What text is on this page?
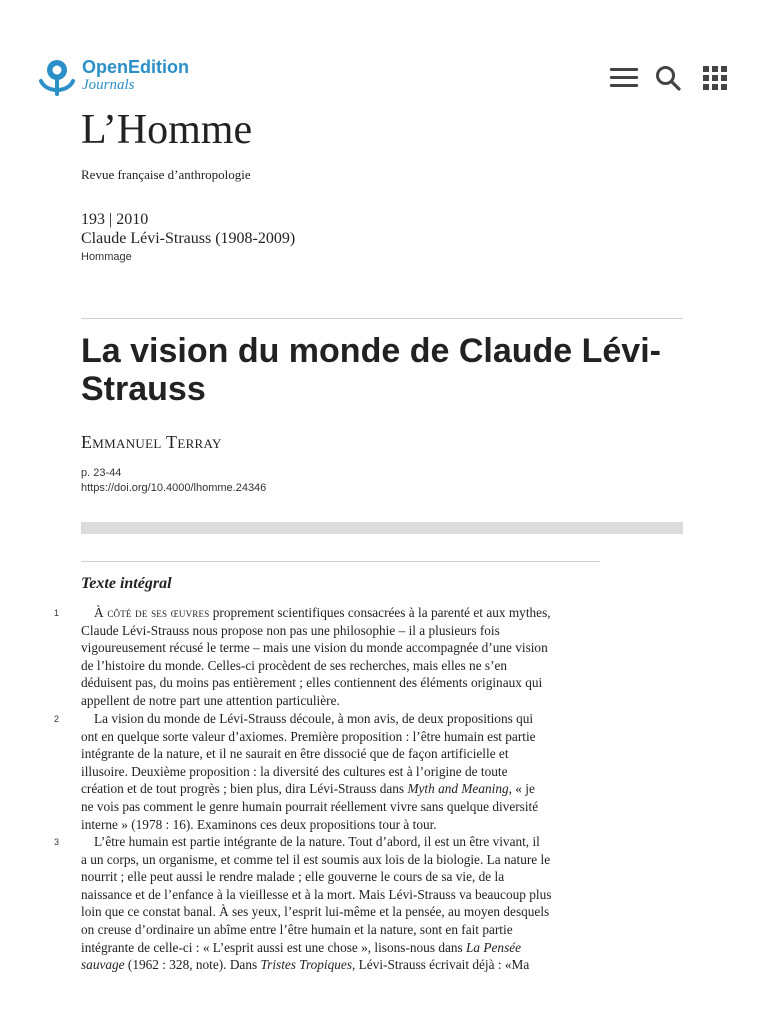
OpenEdition
Journals
L’Homme
Revue française d’anthropologie
193 | 2010
Claude Lévi-Strauss (1908-2009)
Hommage
La vision du monde de Claude Lévi-Strauss
Emmanuel Terray
p. 23-44
https://doi.org/10.4000/lhomme.24346
Texte intégral
1	À côté de ses œuvres proprement scientifiques consacrées à la parenté et aux mythes,
Claude Lévi-Strauss nous propose non pas une philosophie – il a plusieurs fois
vigoureusement récusé le terme – mais une vision du monde accompagnée d’une vision
de l’histoire du monde. Celles-ci procèdent de ses recherches, mais elles ne s’en
déduisent pas, du moins pas entièrement ; elles contiennent des éléments originaux qui
appellent de notre part une attention particulière.

2	La vision du monde de Lévi-Strauss découle, à mon avis, de deux propositions qui
ont en quelque sorte valeur d’axiomes. Première proposition : l’être humain est partie
intégrante de la nature, et il ne saurait en être dissocié que de façon artificielle et
illusoire. Deuxième proposition : la diversité des cultures est à l’origine de toute
création et de tout progrès ; bien plus, dira Lévi-Strauss dans Myth and Meaning, « je
ne vois pas comment le genre humain pourrait réellement vivre sans quelque diversité
interne » (1978 : 16). Examinons ces deux propositions tour à tour.

3	L’être humain est partie intégrante de la nature. Tout d’abord, il est un être vivant, il
a un corps, un organisme, et comme tel il est soumis aux lois de la biologie. La nature le
nourrit ; elle peut aussi le rendre malade ; elle gouverne le cours de sa vie, de la
naissance et de l’enfance à la vieillesse et à la mort. Mais Lévi-Strauss va beaucoup plus
loin que ce constat banal. À ses yeux, l’esprit lui-même et la pensée, au moyen desquels
on creuse d’ordinaire un abîme entre l’être humain et la nature, sont en fait partie
intégrante de celle-ci : « L’esprit aussi est une chose », lisons-nous dans La Pensée
sauvage (1962 : 328, note). Dans Tristes Tropiques, Lévi-Strauss écrivait déjà : «Ma
